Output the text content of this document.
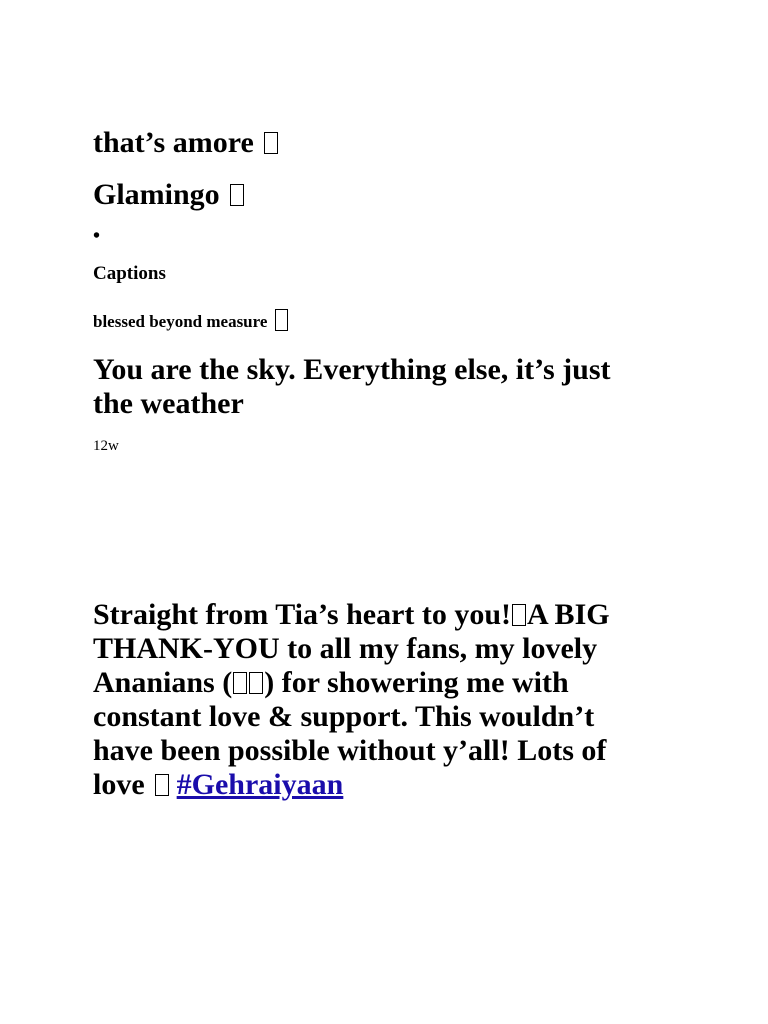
that’s amore
Glamingo
•
Captions
blessed beyond measure
You are the sky. Everything else, it’s just the weather
12w
Straight from Tia’s heart to you! A BIG THANK-YOU to all my fans, my lovely Ananians ( ) for showering me with constant love & support. This wouldn’t have been possible without y’all! Lots of love #Gehraiyaan
